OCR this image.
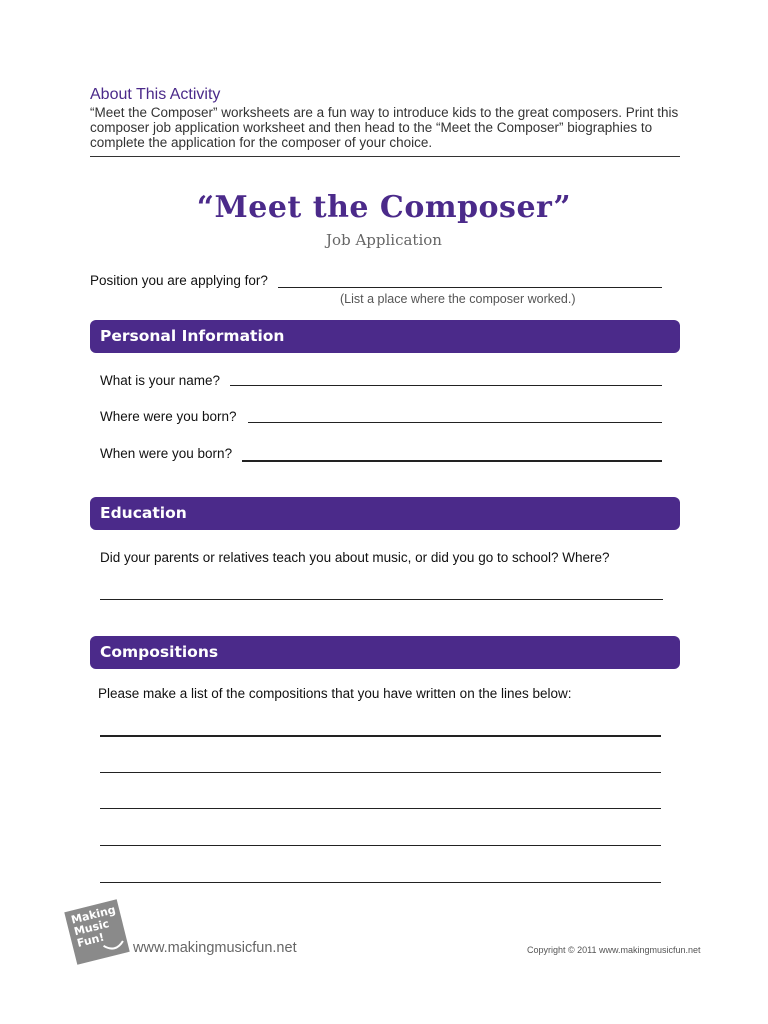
About This Activity
“Meet the Composer” worksheets are a fun way to introduce kids to the great composers. Print this composer job application worksheet and then head to the “Meet the Composer” biographies to complete the application for the composer of your choice.
“Meet the Composer”
Job Application
Position you are applying for?
(List a place where the composer worked.)
Personal Information
What is your name?
Where were you born?
When were you born?
Education
Did your parents or relatives teach you about music, or did you go to school? Where?
Compositions
Please make a list of the compositions that you have written on the lines below:
Making Music Fun!	www.makingmusicfun.net	Copyright © 2011 www.makingmusicfun.net
